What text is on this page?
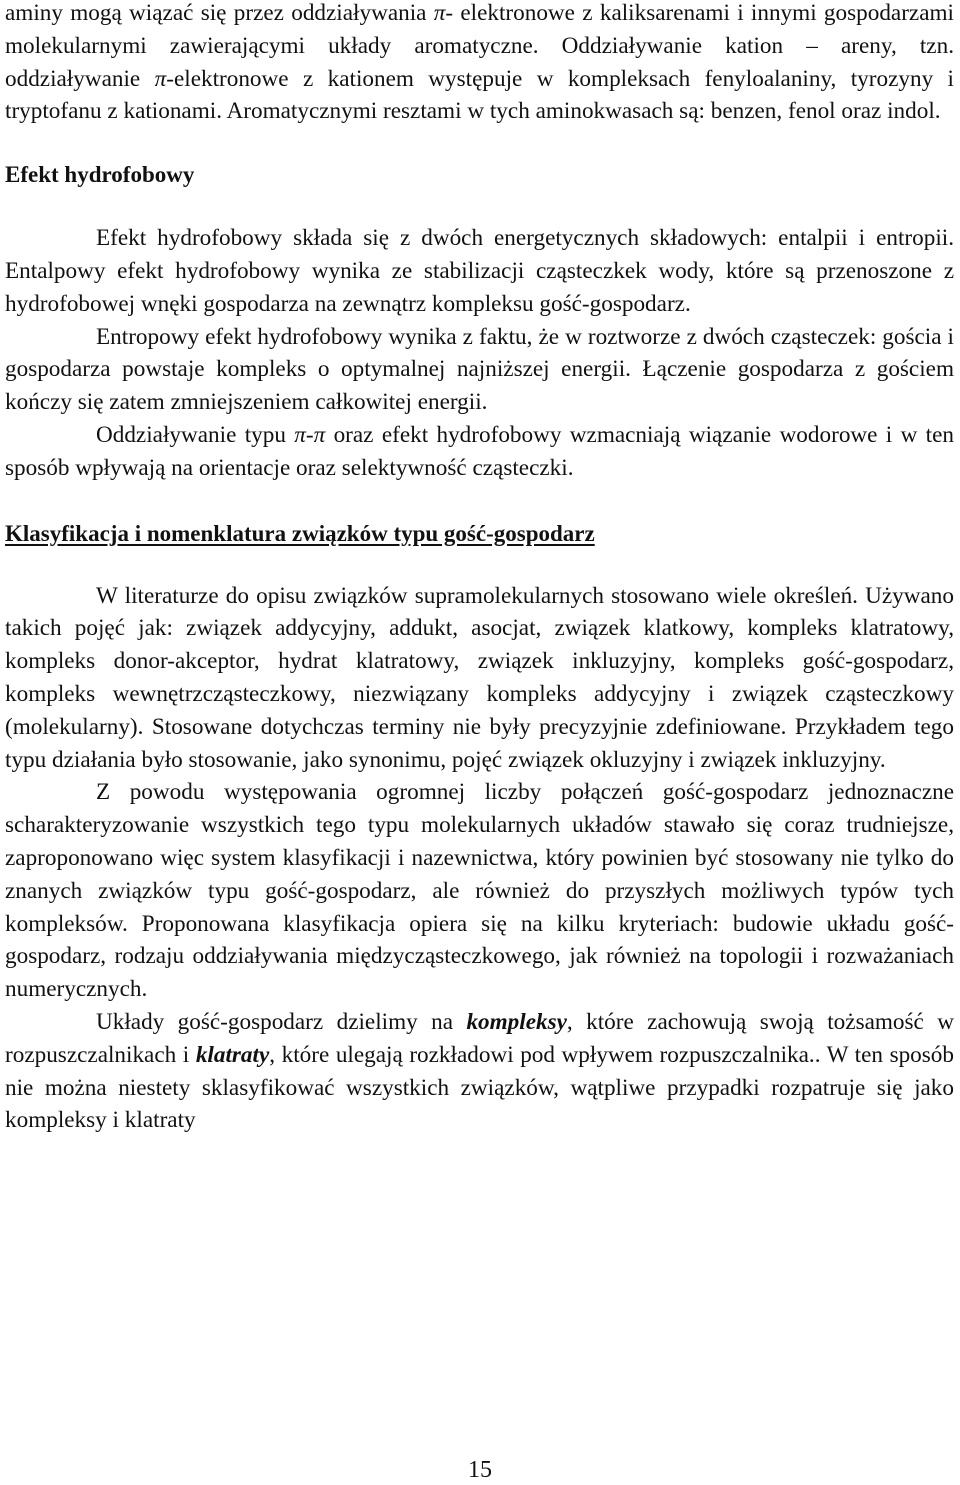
aminy mogą wiązać się przez oddziaływania π- elektronowe z kaliksarenami i innymi gospodarzami molekularnymi zawierającymi układy aromatyczne. Oddziaływanie kation – areny, tzn. oddziaływanie π-elektronowe z kationem występuje w kompleksach fenyloalaniny, tyrozyny i tryptofanu z kationami. Aromatycznymi resztami w tych aminokwasach są: benzen, fenol oraz indol.

Efekt hydrofobowy

Efekt hydrofobowy składa się z dwóch energetycznych składowych: entalpii i entropii. Entalpowy efekt hydrofobowy wynika ze stabilizacji cząsteczkek wody, które są przenoszone z hydrofobowej wnęki gospodarza na zewnątrz kompleksu gość-gospodarz.

Entropowy efekt hydrofobowy wynika z faktu, że w roztworze z dwóch cząsteczek: gościa i gospodarza powstaje kompleks o optymalnej najniższej energii. Łączenie gospodarza z gościem kończy się zatem zmniejszeniem całkowitej energii.

Oddziaływanie typu π-π oraz efekt hydrofobowy wzmacniają wiązanie wodorowe i w ten sposób wpływają na orientacje oraz selektywność cząsteczki.

Klasyfikacja i nomenklatura związków typu gość-gospodarz

W literaturze do opisu związków supramolekularnych stosowano wiele określeń. Używano takich pojęć jak: związek addycyjny, addukt, asocjat, związek klatkowy, kompleks klatratowy, kompleks donor-akceptor, hydrat klatratowy, związek inkluzyjny, kompleks gość-gospodarz, kompleks wewnętrzcząsteczkowy, niezwiązany kompleks addycyjny i związek cząsteczkowy (molekularny). Stosowane dotychczas terminy nie były precyzyjnie zdefiniowane. Przykładem tego typu działania było stosowanie, jako synonimu, pojęć związek okluzyjny i związek inkluzyjny.

Z powodu występowania ogromnej liczby połączeń gość-gospodarz jednoznaczne scharakteryzowanie wszystkich tego typu molekularnych układów stawało się coraz trudniejsze, zaproponowano więc system klasyfikacji i nazewnictwa, który powinien być stosowany nie tylko do znanych związków typu gość-gospodarz, ale również do przyszłych możliwych typów tych kompleksów. Proponowana klasyfikacja opiera się na kilku kryteriach: budowie układu gość-gospodarz, rodzaju oddziaływania międzycząsteczkowego, jak również na topologii i rozważaniach numerycznych.

Układy gość-gospodarz dzielimy na kompleksy, które zachowują swoją tożsamość w rozpuszczalnikach i klatraty, które ulegają rozkładowi pod wpływem rozpuszczalnika.. W ten sposób nie można niestety sklasyfikować wszystkich związków, wątpliwe przypadki rozpatruje się jako kompleksy i klatraty

15
